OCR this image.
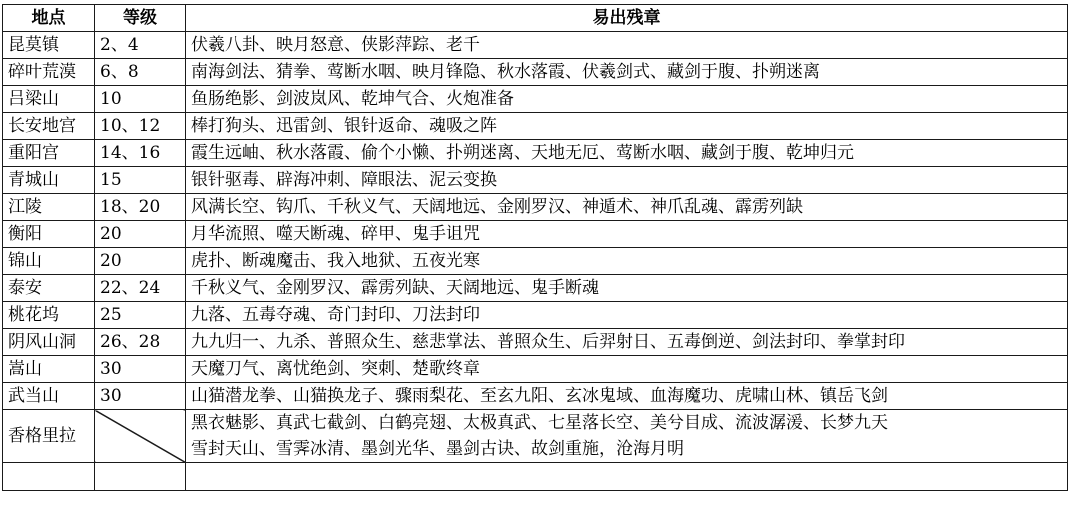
地点	等级	易出残章
昆莫镇	2、4	伏羲八卦、映月怒意、侠影萍踪、老千
碎叶荒漠	6、8	南海剑法、猜拳、莺断水咽、映月锋隐、秋水落霞、伏羲剑式、藏剑于腹、扑朔迷离
吕梁山	10	鱼肠绝影、剑波岚风、乾坤气合、火炮准备
长安地宫	10、12	棒打狗头、迅雷剑、银针返命、魂吸之阵
重阳宫	14、16	霞生远岫、秋水落霞、偷个小懒、扑朔迷离、天地无厄、莺断水咽、藏剑于腹、乾坤归元
青城山	15	银针驱毒、辟海冲刺、障眼法、泥云变换
江陵	18、20	风满长空、钩爪、千秋义气、天阔地远、金刚罗汉、神遁术、神爪乱魂、霹雳列缺
衡阳	20	月华流照、噬天断魂、碎甲、鬼手诅咒
锦山	20	虎扑、断魂魔击、我入地狱、五夜光寒
泰安	22、24	千秋义气、金刚罗汉、霹雳列缺、天阔地远、鬼手断魂
桃花坞	25	九落、五毒夺魂、奇门封印、刀法封印
阴风山洞	26、28	九九归一、九杀、普照众生、慈悲掌法、普照众生、后羿射日、五毒倒逆、剑法封印、拳掌封印
嵩山	30	天魔刀气、离忧绝剑、突刺、楚歌终章
武当山	30	山猫潜龙拳、山猫换龙子、骤雨梨花、至玄九阳、玄冰鬼域、血海魔功、虎啸山林、镇岳飞剑
香格里拉		黑衣魅影、真武七截剑、白鹤亮翅、太极真武、七星落长空、美兮目成、流波潺湲、长梦九天
雪封天山、雪霁冰清、墨剑光华、墨剑古诀、故剑重施，沧海月明
